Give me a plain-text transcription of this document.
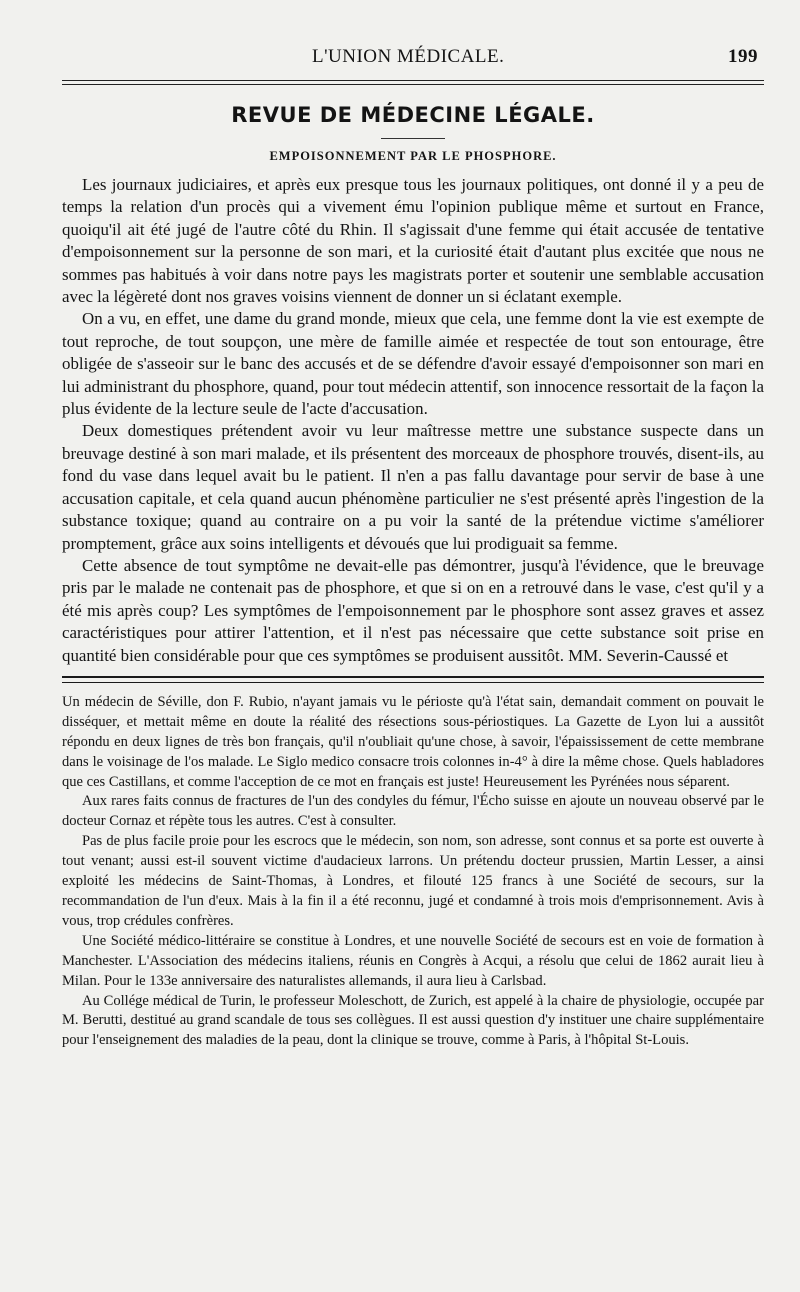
L'UNION MÉDICALE.	199
REVUE DE MÉDECINE LÉGALE.
EMPOISONNEMENT PAR LE PHOSPHORE.

Les journaux judiciaires, et après eux presque tous les journaux politiques, ont donné il y a peu de temps la relation d'un procès qui a vivement ému l'opinion publique même et surtout en France, quoiqu'il ait été jugé de l'autre côté du Rhin. Il s'agissait d'une femme qui était accusée de tentative d'empoisonnement sur la personne de son mari, et la curiosité était d'autant plus excitée que nous ne sommes pas habitués à voir dans notre pays les magistrats porter et soutenir une semblable accusation avec la légèreté dont nos graves voisins viennent de donner un si éclatant exemple.

On a vu, en effet, une dame du grand monde, mieux que cela, une femme dont la vie est exempte de tout reproche, de tout soupçon, une mère de famille aimée et respectée de tout son entourage, être obligée de s'asseoir sur le banc des accusés et de se défendre d'avoir essayé d'empoisonner son mari en lui administrant du phosphore, quand, pour tout médecin attentif, son innocence ressortait de la façon la plus évidente de la lecture seule de l'acte d'accusation.

Deux domestiques prétendent avoir vu leur maîtresse mettre une substance suspecte dans un breuvage destiné à son mari malade, et ils présentent des morceaux de phosphore trouvés, disent-ils, au fond du vase dans lequel avait bu le patient. Il n'en a pas fallu davantage pour servir de base à une accusation capitale, et cela quand aucun phénomène particulier ne s'est présenté après l'ingestion de la substance toxique; quand au contraire on a pu voir la santé de la prétendue victime s'améliorer promptement, grâce aux soins intelligents et dévoués que lui prodiguait sa femme.

Cette absence de tout symptôme ne devait-elle pas démontrer, jusqu'à l'évidence, que le breuvage pris par le malade ne contenait pas de phosphore, et que si on en a retrouvé dans le vase, c'est qu'il y a été mis après coup? Les symptômes de l'empoisonnement par le phosphore sont assez graves et assez caractéristiques pour attirer l'attention, et il n'est pas nécessaire que cette substance soit prise en quantité bien considérable pour que ces symptômes se produisent aussitôt. MM. Severin-Caussé et

Un médecin de Séville, don F. Rubio, n'ayant jamais vu le périoste qu'à l'état sain, demandait comment on pouvait le disséquer, et mettait même en doute la réalité des résections sous-périostiques. La Gazette de Lyon lui a aussitôt répondu en deux lignes de très bon français, qu'il n'oubliait qu'une chose, à savoir, l'épaississement de cette membrane dans le voisinage de l'os malade. Le Siglo medico consacre trois colonnes in-4° à dire la même chose. Quels habladores que ces Castillans, et comme l'acception de ce mot en français est juste! Heureusement les Pyrénées nous séparent.

Aux rares faits connus de fractures de l'un des condyles du fémur, l'Écho suisse en ajoute un nouveau observé par le docteur Cornaz et répète tous les autres. C'est à consulter.

Pas de plus facile proie pour les escrocs que le médecin, son nom, son adresse, sont connus et sa porte est ouverte à tout venant; aussi est-il souvent victime d'audacieux larrons. Un prétendu docteur prussien, Martin Lesser, a ainsi exploité les médecins de Saint-Thomas, à Londres, et filouté 125 francs à une Société de secours, sur la recommandation de l'un d'eux. Mais à la fin il a été reconnu, jugé et condamné à trois mois d'emprisonnement. Avis à vous, trop crédules confrères.

Une Société médico-littéraire se constitue à Londres, et une nouvelle Société de secours est en voie de formation à Manchester. L'Association des médecins italiens, réunis en Congrès à Acqui, a résolu que celui de 1862 aurait lieu à Milan. Pour le 133e anniversaire des naturalistes allemands, il aura lieu à Carlsbad.

Au Collége médical de Turin, le professeur Moleschott, de Zurich, est appelé à la chaire de physiologie, occupée par M. Berutti, destitué au grand scandale de tous ses collègues. Il est aussi question d'y instituer une chaire supplémentaire pour l'enseignement des maladies de la peau, dont la clinique se trouve, comme à Paris, à l'hôpital St-Louis.
